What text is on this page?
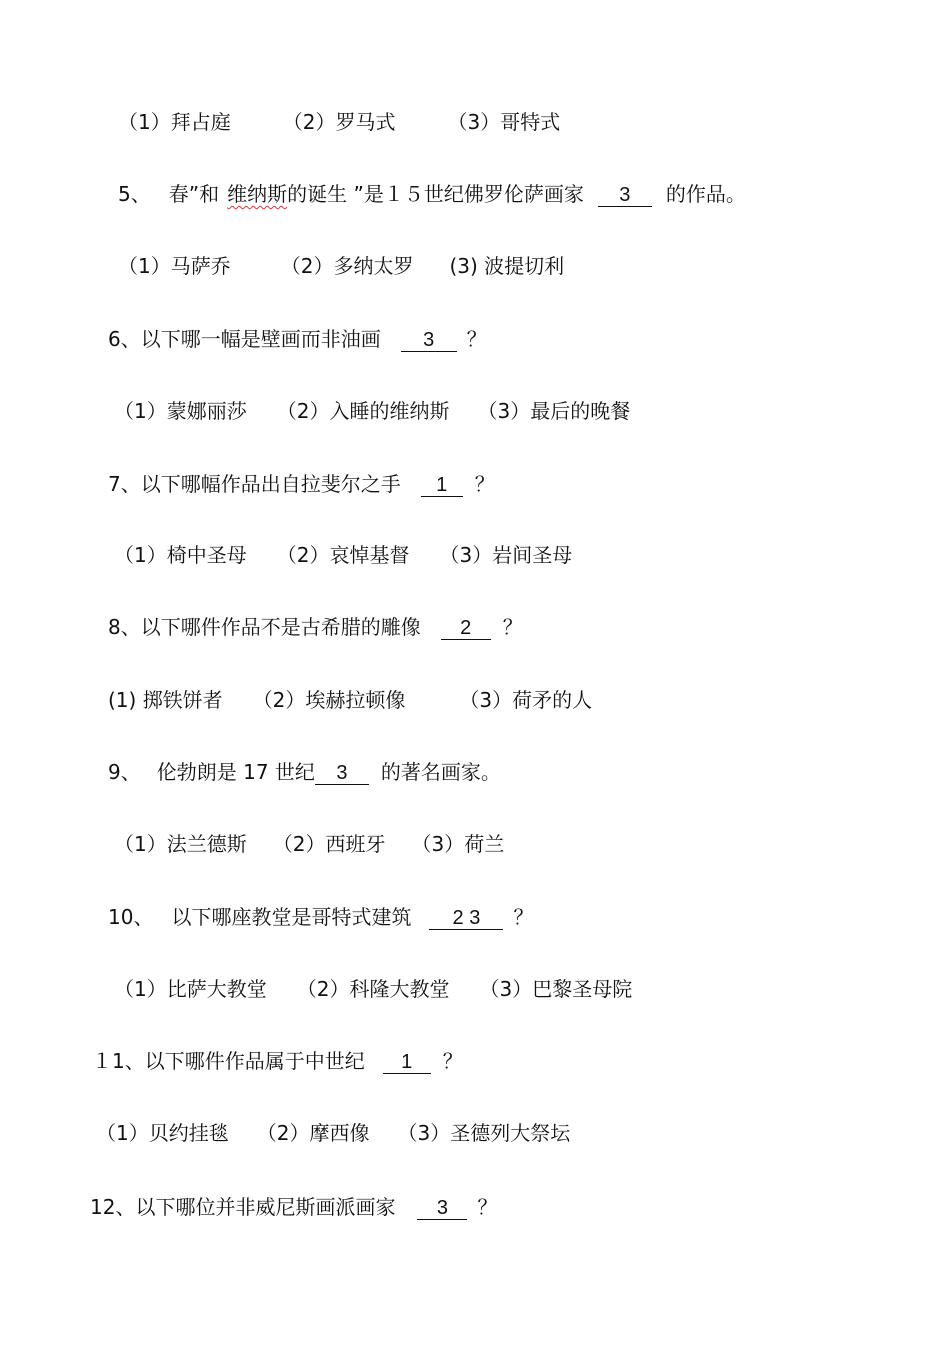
（1）拜占庭	（2）罗马式	（3）哥特式
5、 春”和 维纳斯的诞生 ”是１５世纪佛罗伦萨画家 3 的作品。
（1）马萨乔	（2）多纳太罗 (3) 波提切利
6、以下哪一幅是壁画而非油画 3 ？
（1）蒙娜丽莎 （2）入睡的维纳斯 （3）最后的晚餐
7、以下哪幅作品出自拉斐尔之手 1 ？
（1）椅中圣母 （2）哀悼基督 （3）岩间圣母
8、以下哪件作品不是古希腊的雕像 2 ？
(1) 掷铁饼者 （2）埃赫拉顿像	（3）荷矛的人
9、 伦勃朗是 17 世纪 3 的著名画家。
（1）法兰德斯 （2）西班牙 （3）荷兰
10、 以下哪座教堂是哥特式建筑 2 3 ？
（1）比萨大教堂 （2）科隆大教堂 （3）巴黎圣母院
１1、以下哪件作品属于中世纪 1 ？
（1）贝约挂毯 （2）摩西像 （3）圣德列大祭坛
12、以下哪位并非威尼斯画派画家 3 ？
